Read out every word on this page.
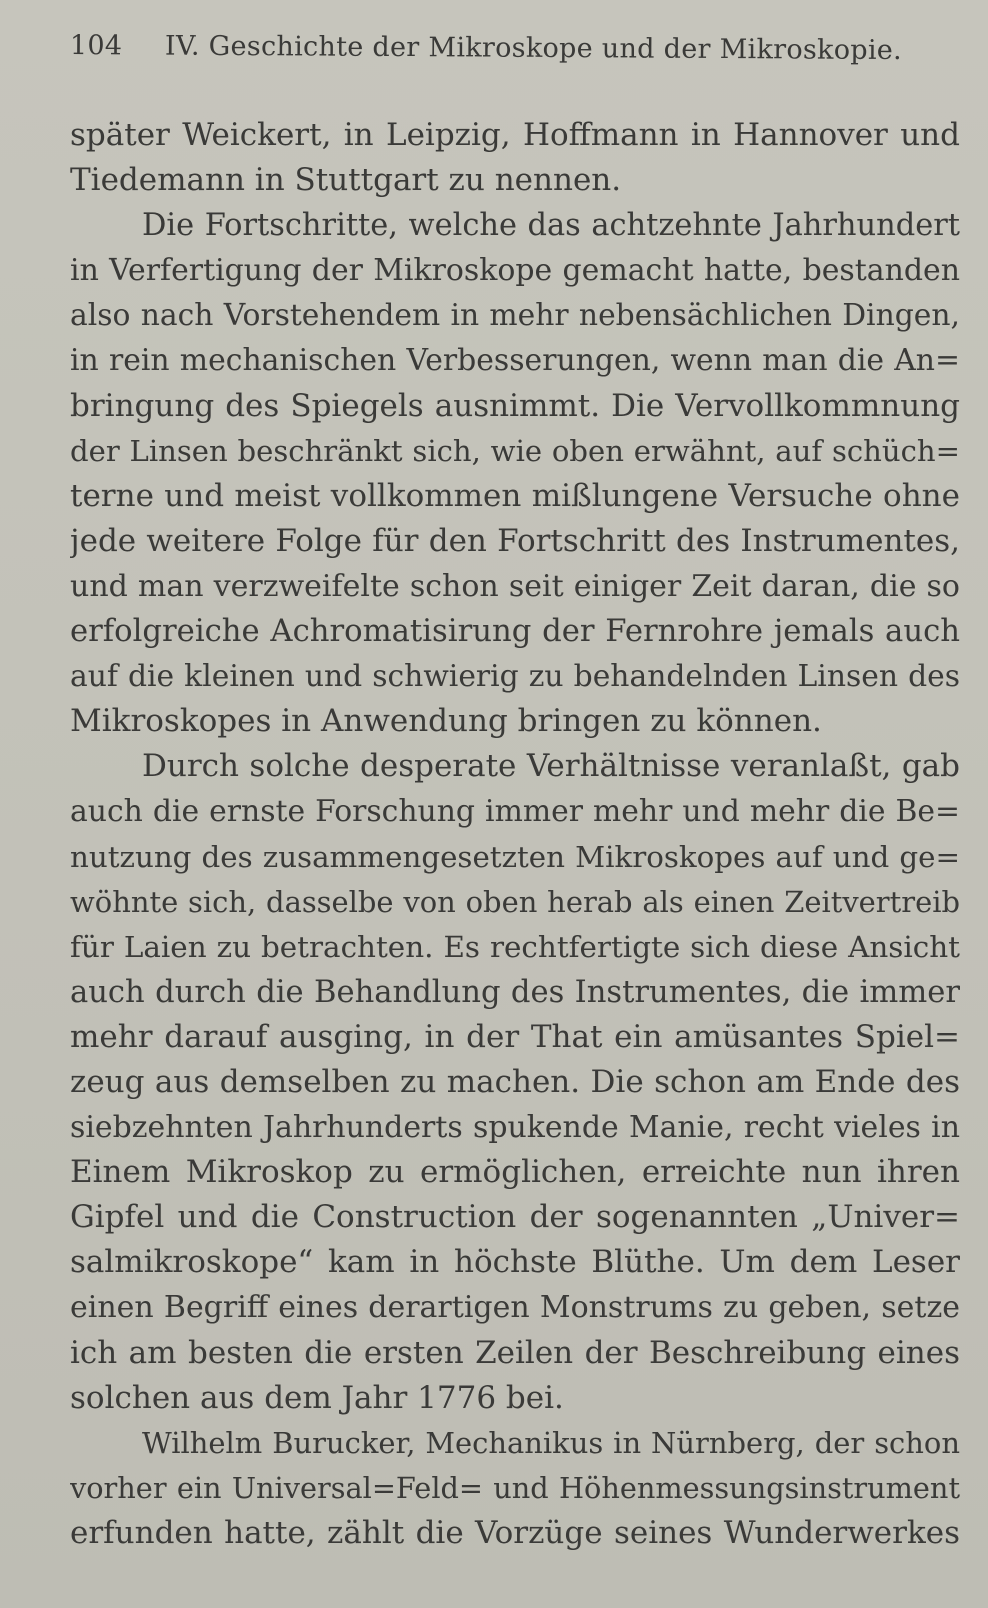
104 IV. Geschichte der Mikroskope und der Mikroskopie.

später Weickert, in Leipzig, Hoffmann in Hannover und
Tiedemann in Stuttgart zu nennen.

Die Fortschritte, welche das achtzehnte Jahrhundert
in Verfertigung der Mikroskope gemacht hatte, bestanden
also nach Vorstehendem in mehr nebensächlichen Dingen,
in rein mechanischen Verbesserungen, wenn man die An=
bringung des Spiegels ausnimmt. Die Vervollkommnung
der Linsen beschränkt sich, wie oben erwähnt, auf schüch=
terne und meist vollkommen mißlungene Versuche ohne
jede weitere Folge für den Fortschritt des Instrumentes,
und man verzweifelte schon seit einiger Zeit daran, die so
erfolgreiche Achromatisirung der Fernrohre jemals auch
auf die kleinen und schwierig zu behandelnden Linsen des
Mikroskopes in Anwendung bringen zu können.

Durch solche desperate Verhältnisse veranlaßt, gab
auch die ernste Forschung immer mehr und mehr die Be=
nutzung des zusammengesetzten Mikroskopes auf und ge=
wöhnte sich, dasselbe von oben herab als einen Zeitvertreib
für Laien zu betrachten. Es rechtfertigte sich diese Ansicht
auch durch die Behandlung des Instrumentes, die immer
mehr darauf ausging, in der That ein amüsantes Spiel=
zeug aus demselben zu machen. Die schon am Ende des
siebzehnten Jahrhunderts spukende Manie, recht vieles in
Einem Mikroskop zu ermöglichen, erreichte nun ihren
Gipfel und die Construction der sogenannten „Univer=
salmikroskope“ kam in höchste Blüthe. Um dem Leser
einen Begriff eines derartigen Monstrums zu geben, setze
ich am besten die ersten Zeilen der Beschreibung eines
solchen aus dem Jahr 1776 bei.

Wilhelm Burucker, Mechanikus in Nürnberg, der schon
vorher ein Universal=Feld= und Höhenmessungsinstrument
erfunden hatte, zählt die Vorzüge seines Wunderwerkes
